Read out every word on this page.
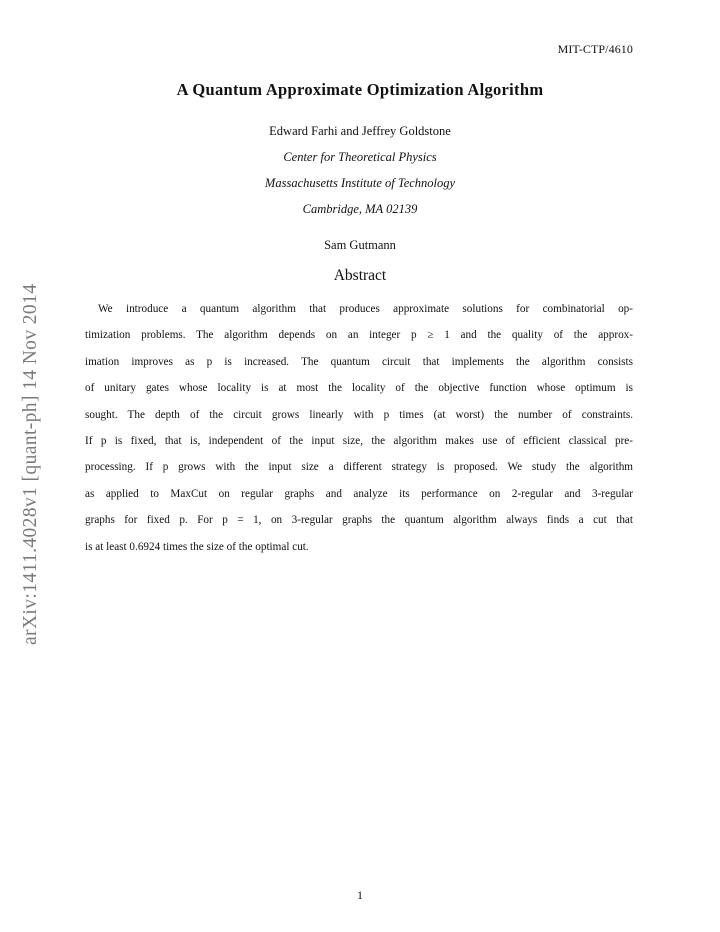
MIT-CTP/4610
A Quantum Approximate Optimization Algorithm
Edward Farhi and Jeffrey Goldstone
Center for Theoretical Physics
Massachusetts Institute of Technology
Cambridge, MA 02139
Sam Gutmann
Abstract
We introduce a quantum algorithm that produces approximate solutions for combinatorial op-
timization problems. The algorithm depends on an integer p ≥ 1 and the quality of the approx-
imation improves as p is increased. The quantum circuit that implements the algorithm consists
of unitary gates whose locality is at most the locality of the objective function whose optimum is
sought. The depth of the circuit grows linearly with p times (at worst) the number of constraints.
If p is fixed, that is, independent of the input size, the algorithm makes use of efficient classical pre-
processing. If p grows with the input size a different strategy is proposed. We study the algorithm
as applied to MaxCut on regular graphs and analyze its performance on 2-regular and 3-regular
graphs for fixed p. For p = 1, on 3-regular graphs the quantum algorithm always finds a cut that
is at least 0.6924 times the size of the optimal cut.
arXiv:1411.4028v1 [quant-ph] 14 Nov 2014
1
